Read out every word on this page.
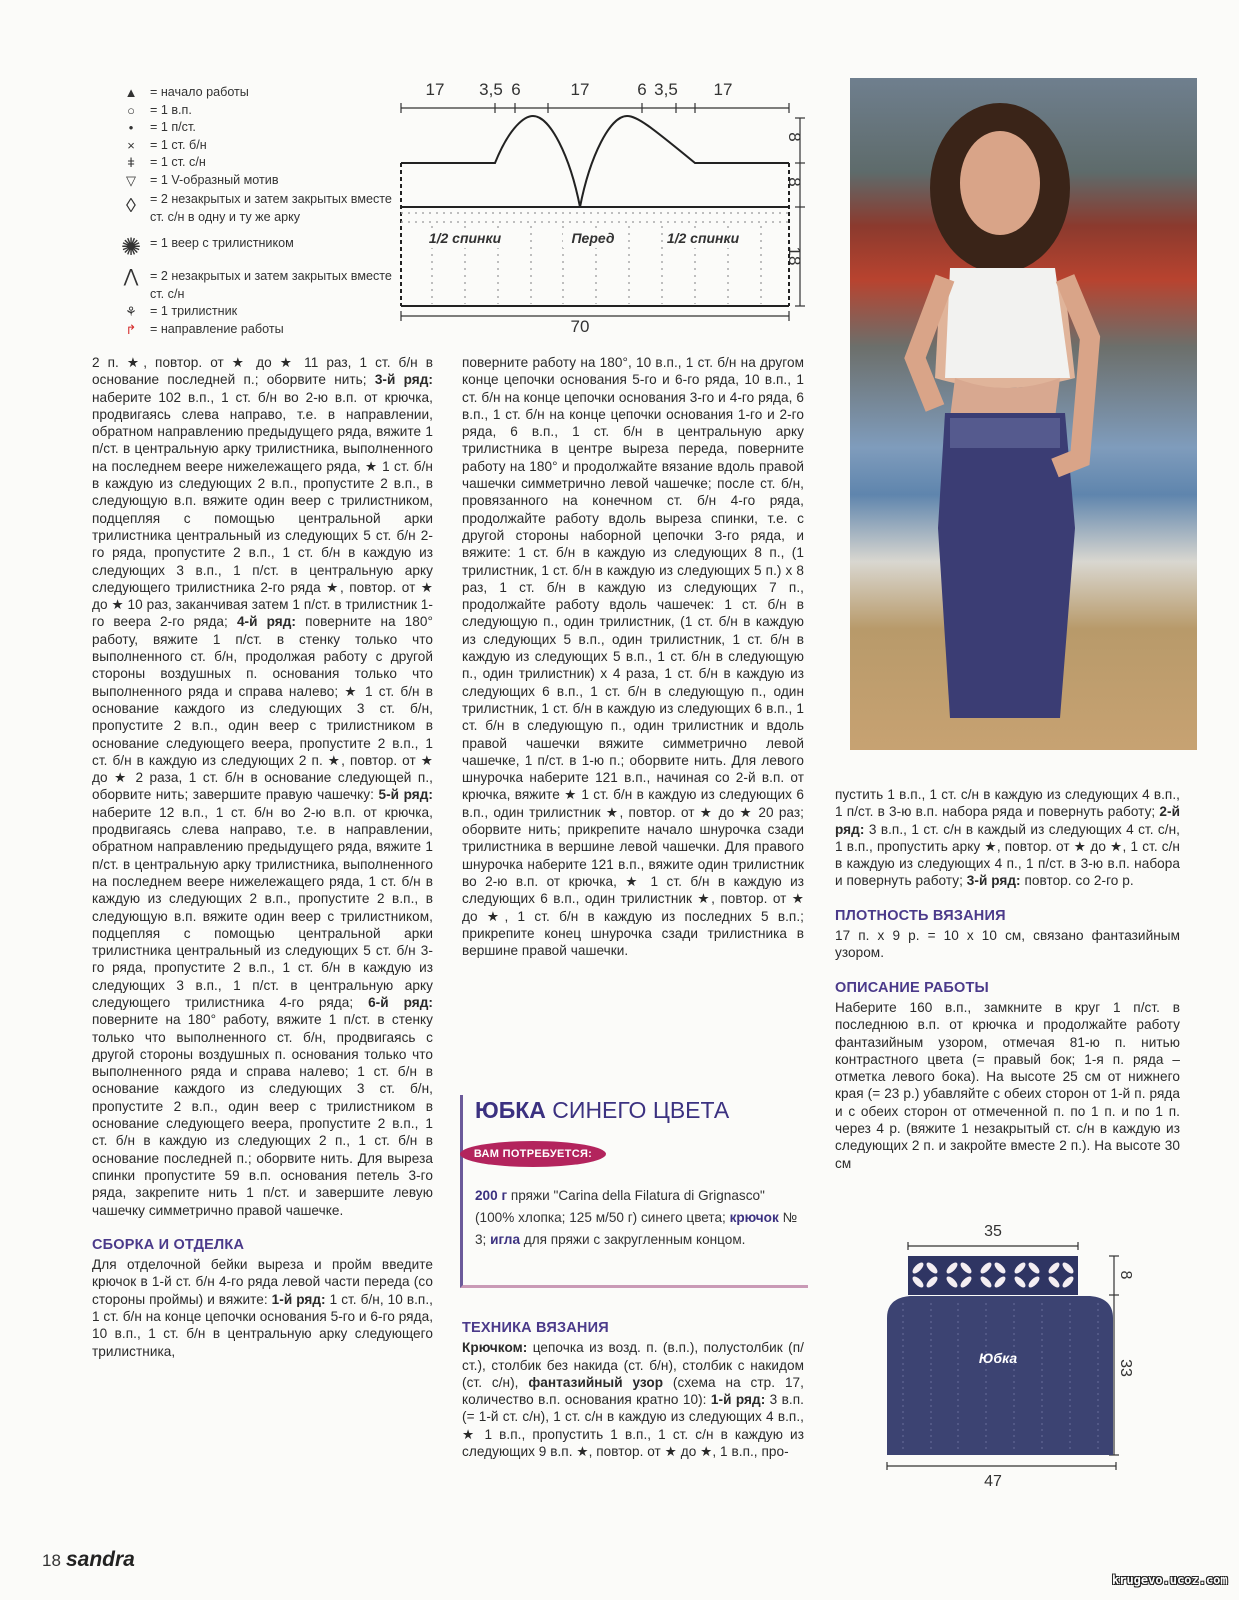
▲ = начало работы
○	= 1 в.п.
•	= 1 п/ст.
×	= 1 ст. б/н
ǂ	= 1 ст. с/н
▽	= 1 V-образный мотив
◊	= 2 незакрытых и затем закрытых вместе ст. с/н в одну и ту же арку
✺ = 1 веер с трилистником
⋀ = 2 незакрытых и затем закрытых вместе ст. с/н
⚘	= 1 трилистник
↱	= направление работы
17 3,5 6	17	6 3,5 17
70
8
8
18
1/2 спинки	Перед	1/2 спинки

2 п. ★, повтор. от ★ до ★ 11 раз, 1 ст. б/н в основание последней п.; оборвите нить; 3-й ряд: наберите 102 в.п., 1 ст. б/н во 2-ю в.п. от крючка, продвигаясь слева направо, т.е. в направлении, обратном направлению предыдущего ряда, вяжите 1 п/ст. в центральную арку трилистника, выполненного на последнем веере нижележащего ряда, ★ 1 ст. б/н в каждую из следующих 2 в.п., пропустите 2 в.п., в следующую в.п. вяжите один веер с трилистником, подцепляя с помощью центральной арки трилистника центральный из следующих 5 ст. б/н 2-го ряда, пропустите 2 в.п., 1 ст. б/н в каждую из следующих 3 в.п., 1 п/ст. в центральную арку следующего трилистника 2-го ряда ★, повтор. от ★ до ★ 10 раз, заканчивая затем 1 п/ст. в трилистник 1-го веера 2-го ряда; 4-й ряд: поверните на 180° работу, вяжите 1 п/ст. в стенку только что выполненного ст. б/н, продолжая работу с другой стороны воздушных п. основания только что выполненного ряда и справа налево; ★ 1 ст. б/н в основание каждого из следующих 3 ст. б/н, пропустите 2 в.п., один веер с трилистником в основание следующего веера, пропустите 2 в.п., 1 ст. б/н в каждую из следующих 2 п. ★, повтор. от ★ до ★ 2 раза, 1 ст. б/н в основание следующей п., оборвите нить; завершите правую чашечку: 5-й ряд: наберите 12 в.п., 1 ст. б/н во 2-ю в.п. от крючка, продвигаясь слева направо, т.е. в направлении, обратном направлению предыдущего ряда, вяжите 1 п/ст. в центральную арку трилистника, выполненного на последнем веере нижележащего ряда, 1 ст. б/н в каждую из следующих 2 в.п., пропустите 2 в.п., в следующую в.п. вяжите один веер с трилистником, подцепляя с помощью центральной арки трилистника центральный из следующих 5 ст. б/н 3-го ряда, пропустите 2 в.п., 1 ст. б/н в каждую из следующих 3 в.п., 1 п/ст. в центральную арку следующего трилистника 4-го ряда; 6-й ряд: поверните на 180° работу, вяжите 1 п/ст. в стенку только что выполненного ст. б/н, продвигаясь с другой стороны воздушных п. основания только что выполненного ряда и справа налево; 1 ст. б/н в основание каждого из следующих 3 ст. б/н, пропустите 2 в.п., один веер с трилистником в основание следующего веера, пропустите 2 в.п., 1 ст. б/н в каждую из следующих 2 п., 1 ст. б/н в основание последней п.; оборвите нить. Для выреза спинки пропустите 59 в.п. основания петель 3-го ряда, закрепите нить 1 п/ст. и завершите левую чашечку симметрично правой чашечке.

СБОРКА И ОТДЕЛКА

Для отделочной бейки выреза и пройм введите крючок в 1-й ст. б/н 4-го ряда левой части переда (со стороны проймы) и вяжите: 1-й ряд: 1 ст. б/н, 10 в.п., 1 ст. б/н на конце цепочки основания 5-го и 6-го ряда, 10 в.п., 1 ст. б/н в центральную арку следующего трилистника,

поверните работу на 180°, 10 в.п., 1 ст. б/н на другом конце цепочки основания 5-го и 6-го ряда, 10 в.п., 1 ст. б/н на конце цепочки основания 3-го и 4-го ряда, 6 в.п., 1 ст. б/н на конце цепочки основания 1-го и 2-го ряда, 6 в.п., 1 ст. б/н в центральную арку трилистника в центре выреза переда, поверните работу на 180° и продолжайте вязание вдоль правой чашечки симметрично левой чашечке; после ст. б/н, провязанного на конечном ст. б/н 4-го ряда, продолжайте работу вдоль выреза спинки, т.е. с другой стороны наборной цепочки 3-го ряда, и вяжите: 1 ст. б/н в каждую из следующих 8 п., (1 трилистник, 1 ст. б/н в каждую из следующих 5 п.) x 8 раз, 1 ст. б/н в каждую из следующих 7 п., продолжайте работу вдоль чашечек: 1 ст. б/н в следующую п., один трилистник, (1 ст. б/н в каждую из следующих 5 в.п., один трилистник, 1 ст. б/н в каждую из следующих 5 в.п., 1 ст. б/н в следующую п., один трилистник) x 4 раза, 1 ст. б/н в каждую из следующих 6 в.п., 1 ст. б/н в следующую п., один трилистник, 1 ст. б/н в каждую из следующих 6 в.п., 1 ст. б/н в следующую п., один трилистник и вдоль правой чашечки вяжите симметрично левой чашечке, 1 п/ст. в 1-ю п.; оборвите нить. Для левого шнурочка наберите 121 в.п., начиная со 2-й в.п. от крючка, вяжите ★ 1 ст. б/н в каждую из следующих 6 в.п., один трилистник ★, повтор. от ★ до ★ 20 раз; оборвите нить; прикрепите начало шнурочка сзади трилистника в вершине левой чашечки. Для правого шнурочка наберите 121 в.п., вяжите один трилистник во 2-ю в.п. от крючка, ★ 1 ст. б/н в каждую из следующих 6 в.п., один трилистник ★, повтор. от ★ до ★, 1 ст. б/н в каждую из последних 5 в.п.; прикрепите конец шнурочка сзади трилистника в вершине правой чашечки.

ЮБКА СИНЕГО ЦВЕТА
ВАМ ПОТРЕБУЕТСЯ:
200 г пряжи "Carina della Filatura di Grignasco" (100% хлопка; 125 м/50 г) синего цвета; крючок № 3; игла для пряжи с закругленным концом.
ТЕХНИКА ВЯЗАНИЯ

Крючком: цепочка из возд. п. (в.п.), полустолбик (п/ст.), столбик без накида (ст. б/н), столбик с накидом (ст. с/н), фантазийный узор (схема на стр. 17, количество в.п. основания кратно 10): 1-й ряд: 3 в.п. (= 1-й ст. с/н), 1 ст. с/н в каждую из следующих 4 в.п., ★ 1 в.п., пропустить 1 в.п., 1 ст. с/н в каждую из следующих 9 в.п. ★, повтор. от ★ до ★, 1 в.п., про-

пустить 1 в.п., 1 ст. с/н в каждую из следующих 4 в.п., 1 п/ст. в 3-ю в.п. набора ряда и повернуть работу; 2-й ряд: 3 в.п., 1 ст. с/н в каждый из следующих 4 ст. с/н, 1 в.п., пропустить арку ★, повтор. от ★ до ★, 1 ст. с/н в каждую из следующих 4 п., 1 п/ст. в 3-ю в.п. набора и повернуть работу; 3-й ряд: повтор. со 2-го р.

ПЛОТНОСТЬ ВЯЗАНИЯ

17 п. x 9 р. = 10 x 10 см, связано фантазийным узором.

ОПИСАНИЕ РАБОТЫ

Наберите 160 в.п., замкните в круг 1 п/ст. в последнюю в.п. от крючка и продолжайте работу фантазийным узором, отмечая 81-ю п. нитью контрастного цвета (= правый бок; 1-я п. ряда – отметка левого бока). На высоте 25 см от нижнего края (= 23 р.) убавляйте с обеих сторон от 1-й п. ряда и с обеих сторон от отмеченной п. по 1 п. и по 1 п. через 4 р. (вяжите 1 незакрытый ст. с/н в каждую из следующих 2 п. и закройте вместе 2 п.). На высоте 30 см

35
47
8
33
Юбка
18 sandra
krugevo.ucoz.com
